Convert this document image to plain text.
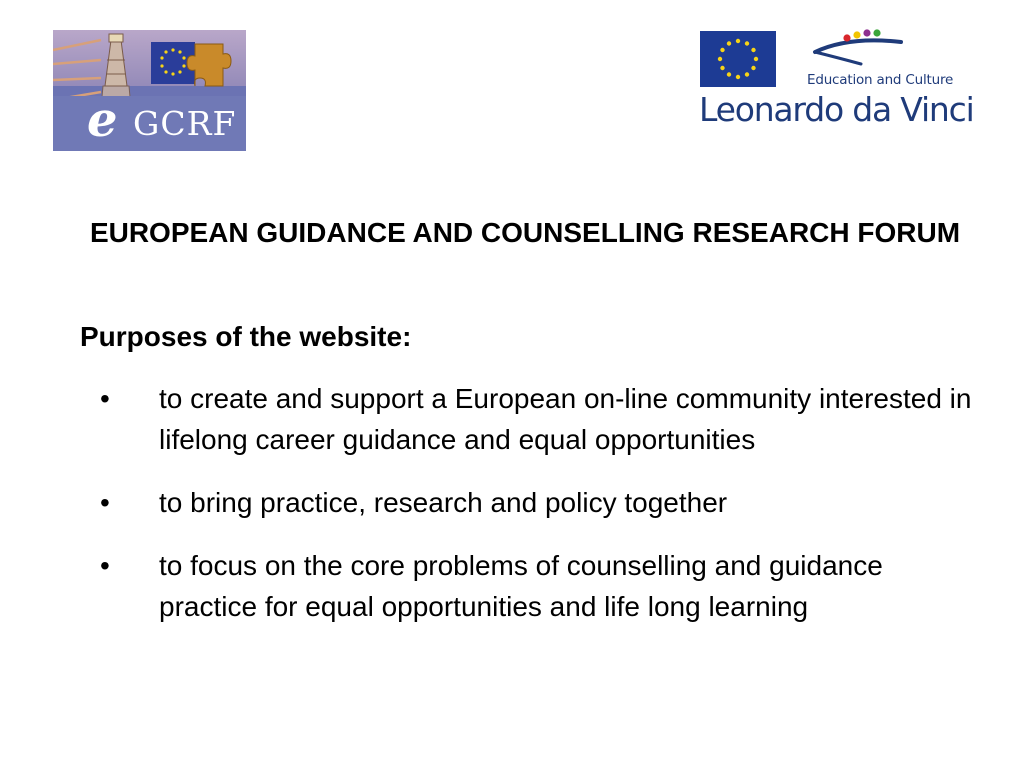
e GCRF
Education and Culture
Leonardo da Vinci
EUROPEAN GUIDANCE AND COUNSELLING RESEARCH FORUM
Purposes of the website:
• to create and support a European on-line community interested in lifelong career guidance and equal opportunities
• to bring practice, research and policy together
• to focus on the core problems of counselling and guidance practice for equal opportunities and life long learning
